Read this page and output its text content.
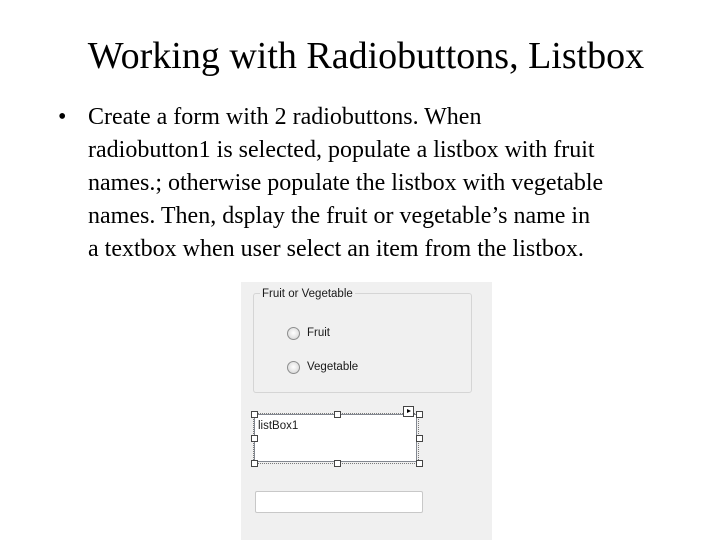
Working with Radiobuttons, Listbox
• Create a form with 2 radiobuttons. When
radiobutton1 is selected, populate a listbox with fruit
names.; otherwise populate the listbox with vegetable
names. Then, dsplay the fruit or vegetable’s name in
a textbox when user select an item from the listbox.
Fruit or Vegetable
Fruit
Vegetable
listBox1
